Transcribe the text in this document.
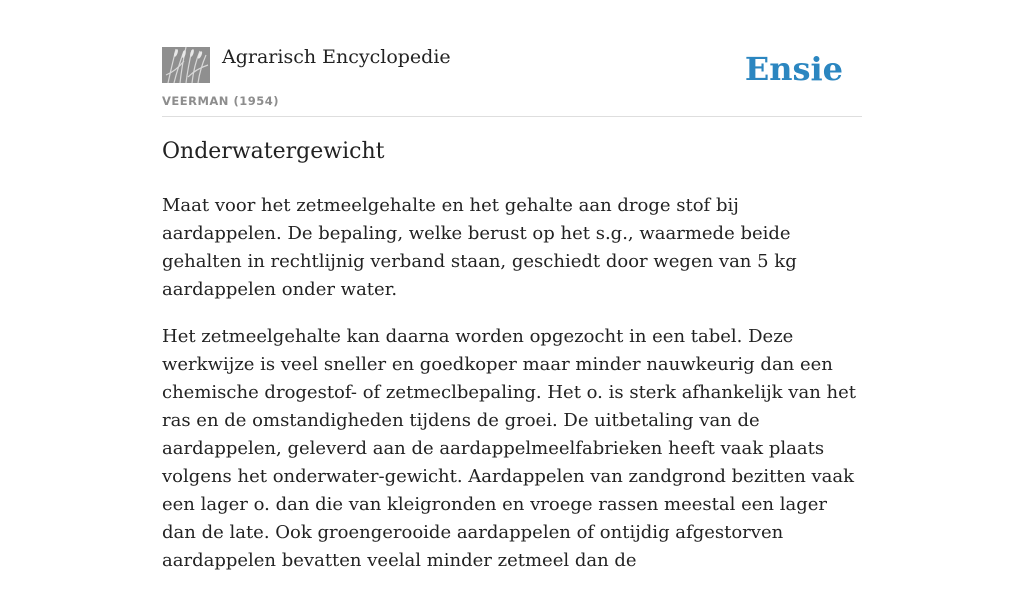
Agrarisch Encyclopedie
VEERMAN (1954)
Ensie
Onderwatergewicht

Maat voor het zetmeelgehalte en het gehalte aan droge stof bij aardappelen. De bepaling, welke berust op het s.g., waarmede beide gehalten in rechtlijnig verband staan, geschiedt door wegen van 5 kg aardappelen onder water.

Het zetmeelgehalte kan daarna worden opgezocht in een tabel. Deze werkwijze is veel sneller en goedkoper maar minder nauwkeurig dan een chemische drogestof- of zetmeclbepaling. Het o. is sterk afhankelijk van het ras en de omstandigheden tijdens de groei. De uitbetaling van de aardappelen, geleverd aan de aardappelmeelfabrieken heeft vaak plaats volgens het onderwater-gewicht. Aardappelen van zandgrond bezitten vaak een lager o. dan die van kleigronden en vroege rassen meestal een lager dan de late. Ook groengerooide aardappelen of ontijdig afgestorven aardappelen bevatten veelal minder zetmeel dan de
